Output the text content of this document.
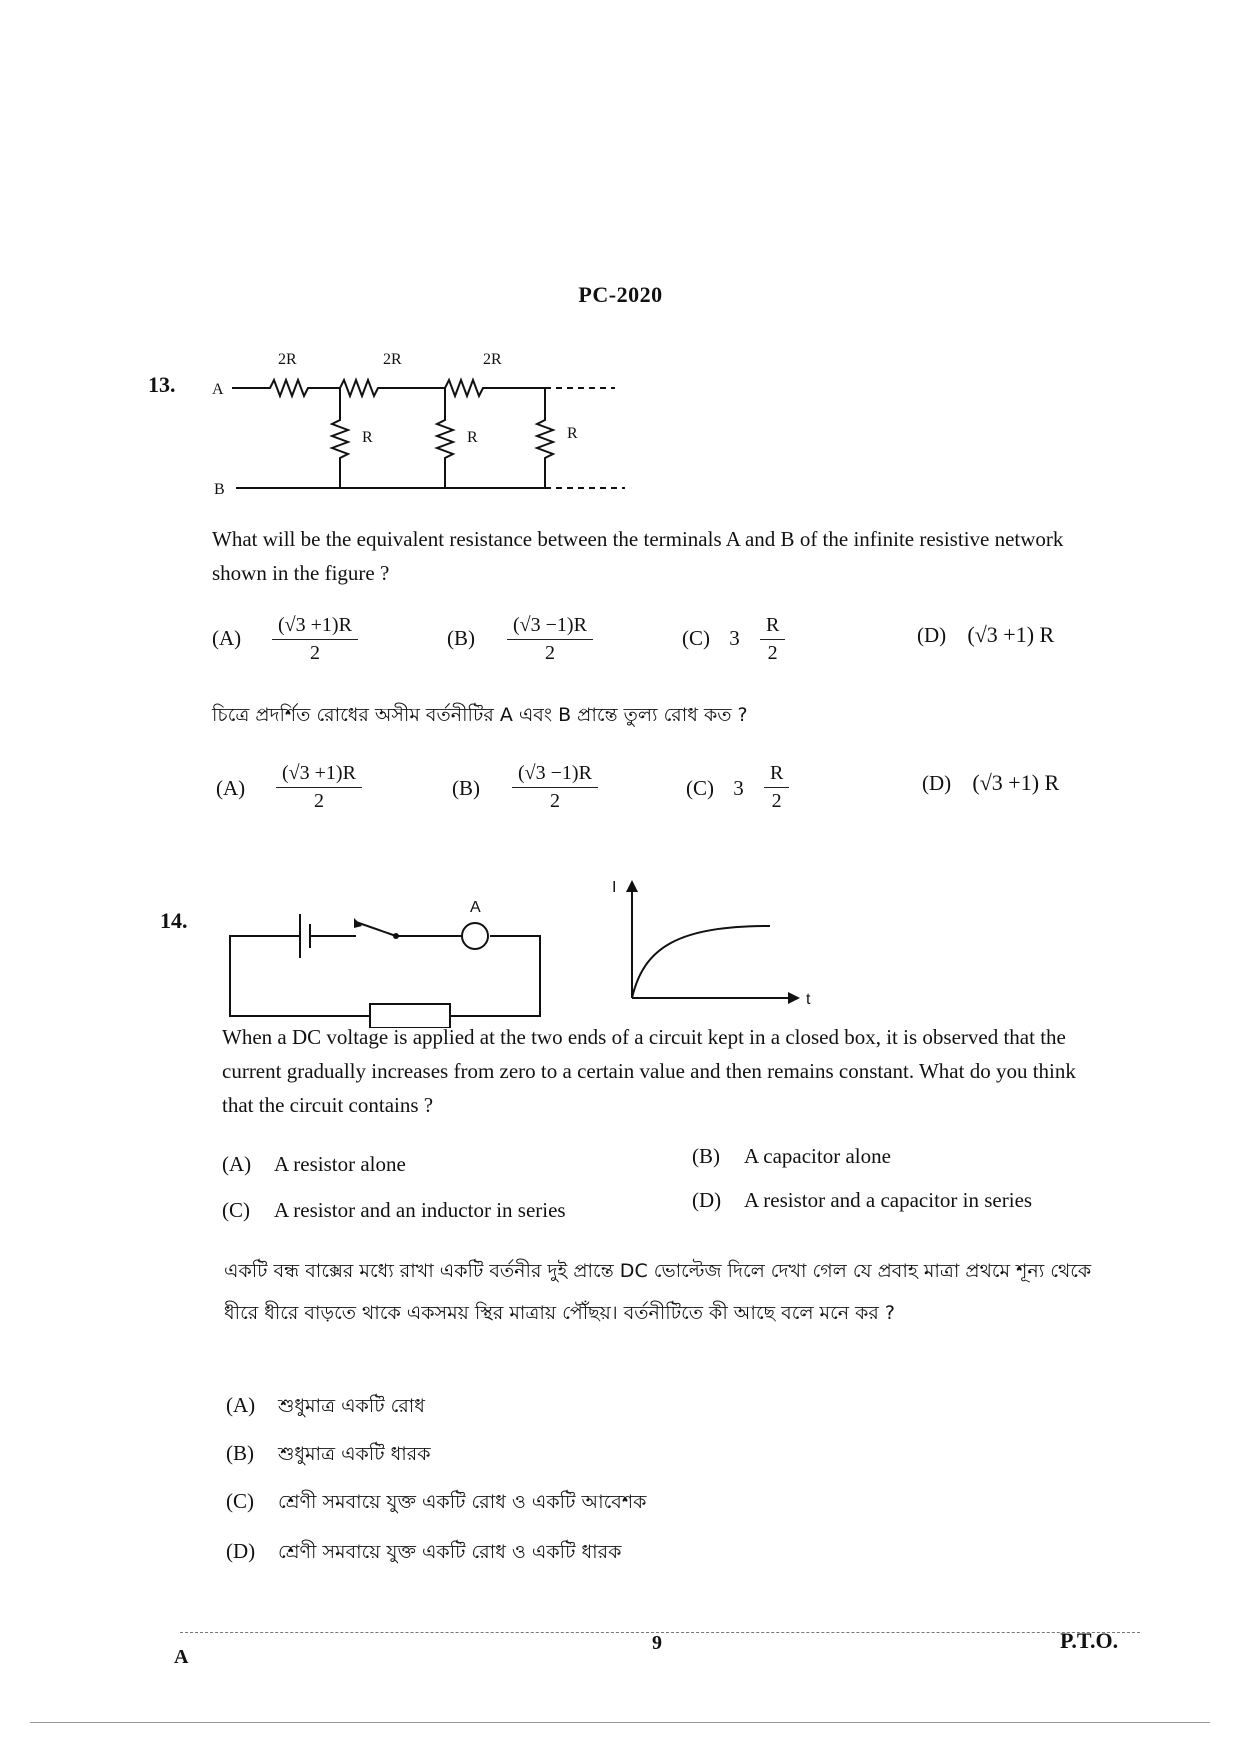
PC-2020
13. A
B
2R	2R	2R
R	R	R
What will be the equivalent resistance between the terminals A and B of the infinite resistive network shown in the figure ?
$(A) \frac{(√3 +1)R}{2}$	$(B) \frac{(√3 -1)R}{2}$	(C) $3 \frac{R}{2}$	(D) (√3 +1) R
চিত্রে প্রদর্শিত রোধের অসীম বর্তনীটির A এবং B প্রান্তে তুল্য রোধ কত ?
$(A) \frac{(√3 +1)R}{2}$	$(B) \frac{(√3 -1)R}{2}$	(C) $3 \frac{R}{2}$	(D) (√3 +1) R
14.
A
I
t
When a DC voltage is applied at the two ends of a circuit kept in a closed box, it is observed that the current gradually increases from zero to a certain value and then remains constant. What do you think that the circuit contains ?
(A) A resistor alone	(B) A capacitor alone
(C) A resistor and an inductor in series	(D) A resistor and a capacitor in series
একটি বন্ধ বাক্সের মধ্যে রাখা একটি বর্তনীর দুই প্রান্তে DC ভোল্টেজ দিলে দেখা গেল যে প্রবাহ মাত্রা প্রথমে শূন্য থেকে ধীরে ধীরে বাড়তে থাকে একসময় স্থির মাত্রায় পৌঁছয়। বর্তনীটিতে কী আছে বলে মনে কর ?
(A) শুধুমাত্র একটি রোধ
(B) শুধুমাত্র একটি ধারক
(C) শ্রেণী সমবায়ে যুক্ত একটি রোধ ও একটি আবেশক
(D) শ্রেণী সমবায়ে যুক্ত একটি রোধ ও একটি ধারক
A
9	P.T.O.
